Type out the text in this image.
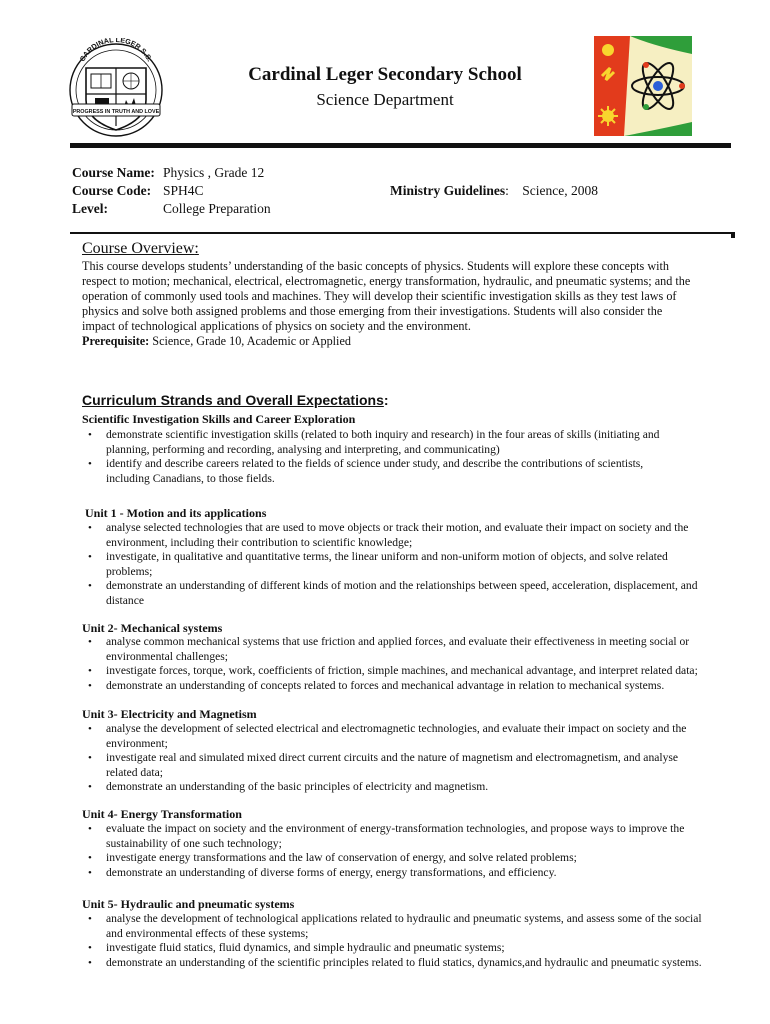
CARDINAL LEGER S.S.
PROGRESS IN TRUTH AND LOVE
Cardinal Leger Secondary School
Science Department
Course Name:
Course Code:
Level:
Physics , Grade 12
SPH4C
College Preparation
Ministry Guidelines: Science, 2008
Course Overview:
This course develops students’ understanding of the basic concepts of physics. Students will explore these concepts with
respect to motion; mechanical, electrical, electromagnetic, energy transformation, hydraulic, and pneumatic systems; and the
operation of commonly used tools and machines. They will develop their scientific investigation skills as they test laws of
physics and solve both assigned problems and those emerging from their investigations. Students will also consider the
impact of technological applications of physics on society and the environment.
Prerequisite: Science, Grade 10, Academic or Applied
Curriculum Strands and Overall Expectations:
Scientific Investigation Skills and Career Exploration
• demonstrate scientific investigation skills (related to both inquiry and research) in the four areas of skills (initiating and
planning, performing and recording, analysing and interpreting, and communicating)
• identify and describe careers related to the fields of science under study, and describe the contributions of scientists,
including Canadians, to those fields.
Unit 1 - Motion and its applications
• analyse selected technologies that are used to move objects or track their motion, and evaluate their impact on society and the
environment, including their contribution to scientific knowledge;
• investigate, in qualitative and quantitative terms, the linear uniform and non-uniform motion of objects, and solve related
problems;
• demonstrate an understanding of different kinds of motion and the relationships between speed, acceleration, displacement, and
distance
Unit 2- Mechanical systems
• analyse common mechanical systems that use friction and applied forces, and evaluate their effectiveness in meeting social or
environmental challenges;
• investigate forces, torque, work, coefficients of friction, simple machines, and mechanical advantage, and interpret related data;
• demonstrate an understanding of concepts related to forces and mechanical advantage in relation to mechanical systems.
Unit 3- Electricity and Magnetism
• analyse the development of selected electrical and electromagnetic technologies, and evaluate their impact on society and the
environment;
• investigate real and simulated mixed direct current circuits and the nature of magnetism and electromagnetism, and analyse
related data;
• demonstrate an understanding of the basic principles of electricity and magnetism.
Unit 4- Energy Transformation
• evaluate the impact on society and the environment of energy-transformation technologies, and propose ways to improve the
sustainability of one such technology;
• investigate energy transformations and the law of conservation of energy, and solve related problems;
• demonstrate an understanding of diverse forms of energy, energy transformations, and efficiency.
Unit 5- Hydraulic and pneumatic systems
• analyse the development of technological applications related to hydraulic and pneumatic systems, and assess some of the social
and environmental effects of these systems;
• investigate fluid statics, fluid dynamics, and simple hydraulic and pneumatic systems;
• demonstrate an understanding of the scientific principles related to fluid statics, dynamics,and hydraulic and pneumatic systems.
